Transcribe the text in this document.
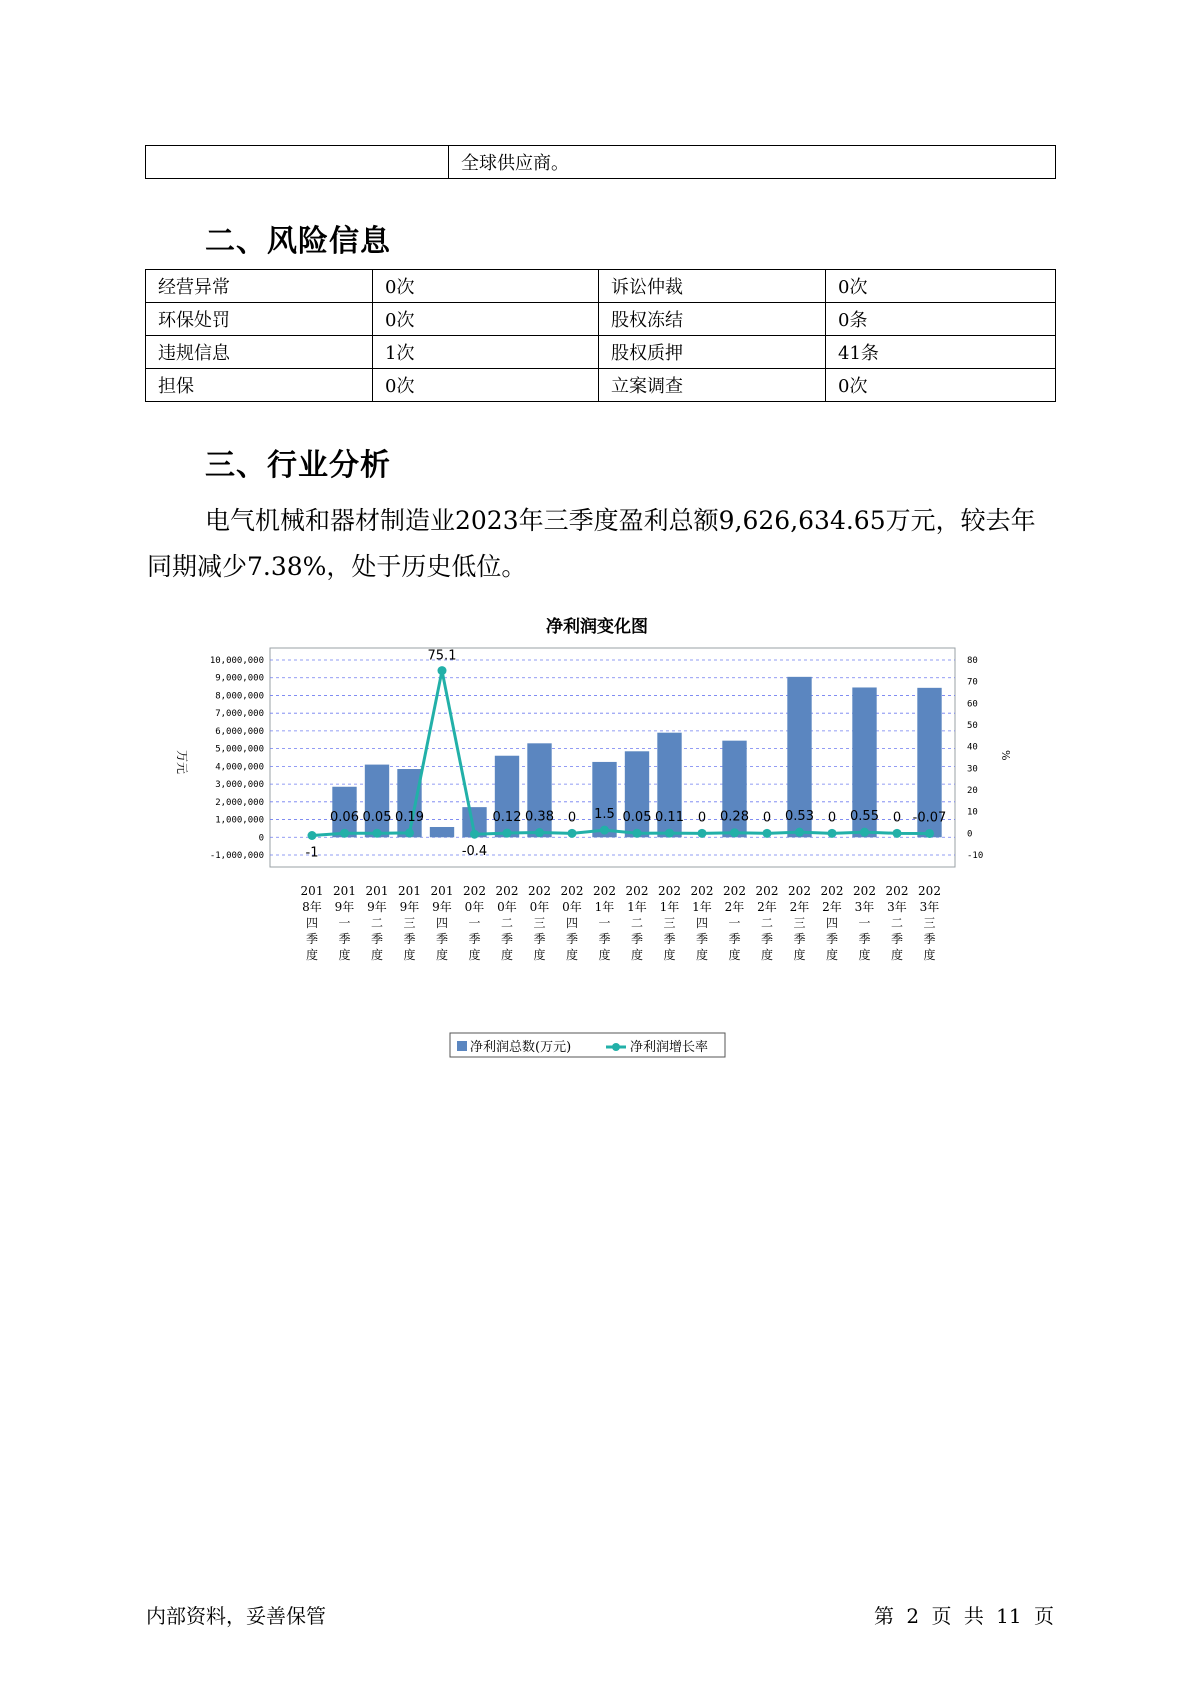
	全球供应商。
二、风险信息
经营异常	0次	诉讼仲裁	0次
环保处罚	0次	股权冻结	0条
违规信息	1次	股权质押	41条
担保	0次	立案调查	0次
三、行业分析
电气机械和器材制造业2023年三季度盈利总额9,626,634.65万元，较去年同期减少7.38%，处于历史低位。
净利润变化图
10,000,000
9,000,000
8,000,000
7,000,000
6,000,000
5,000,000
4,000,000
3,000,000
2,000,000
1,000,000
0
-1,000,000
80
70
60
50
40
30
20
10
0
-10
万元	%
-1
0.06 0.05 0.19
75.1
-0.4
0.12 0.38 0 1.5 0.05 0.11 0 0.28 0 0.53 0 0.55 0 -0.07
201
8年
四
季
度
201
9年
一
季
度
201
9年
二
季
度
201
9年
三
季
度
201
9年
四
季
度
202
0年
一
季
度
202
0年
二
季
度
202
0年
三
季
度
202
0年
四
季
度
202
1年
一
季
度
202
1年
二
季
度
202
1年
三
季
度
202
1年
四
季
度
202
2年
一
季
度
202
2年
二
季
度
202
2年
三
季
度
202
2年
四
季
度
202
3年
一
季
度
202
3年
二
季
度
202
3年
三
季
度
净利润总数(万元)	净利润增长率
内部资料，妥善保管	第 2 页 共 11 页
